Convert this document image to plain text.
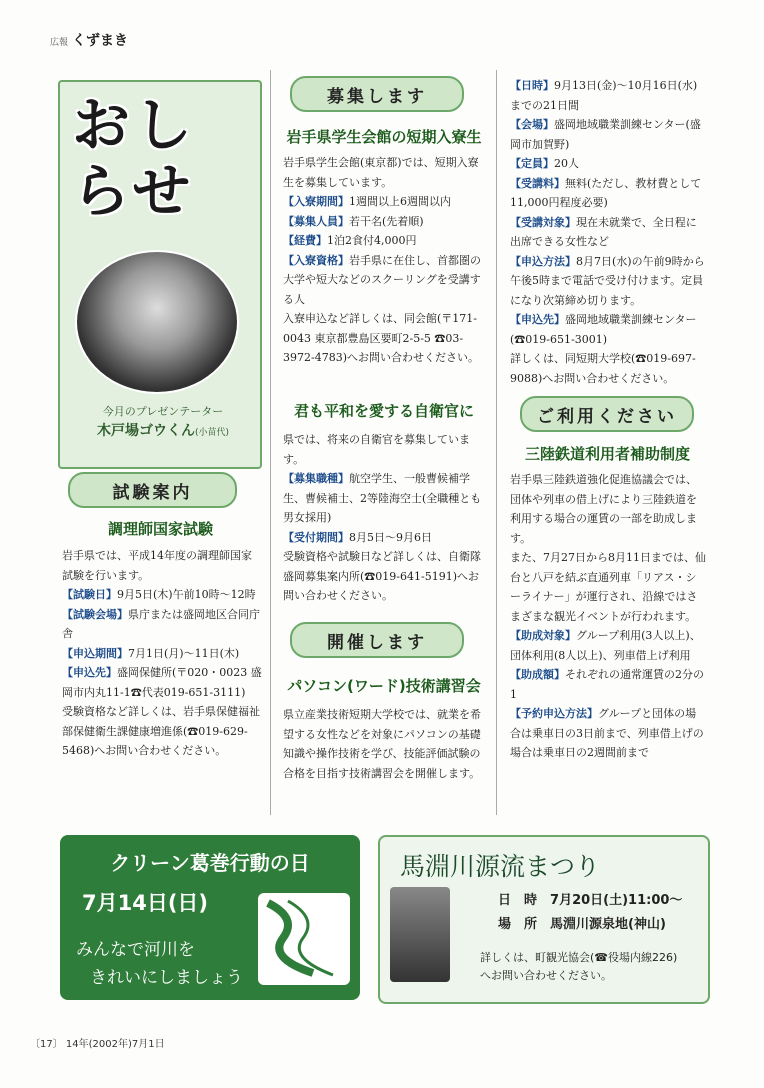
広報 くずまき
おし
らせ
今月のプレゼンテーター
木戸場ゴウくん(小苗代)
試験案内
調理師国家試験

岩手県では、平成14年度の調理師国家試験を行います。

【試験日】9月5日(木)午前10時〜12時

【試験会場】県庁または盛岡地区合同庁舎

【申込期間】7月1日(月)〜11日(木)

【申込先】盛岡保健所(〒020・0023 盛岡市内丸11-1☎代表019-651-3111)

受験資格など詳しくは、岩手県保健福祉部保健衛生課健康増進係(☎019-629-5468)へお問い合わせください。

募集します
岩手県学生会館の短期入寮生

岩手県学生会館(東京都)では、短期入寮生を募集しています。

【入寮期間】1週間以上6週間以内

【募集人員】若干名(先着順)

【経費】1泊2食付4,000円

【入寮資格】岩手県に在住し、首都圏の大学や短大などのスクーリングを受講する人

入寮申込など詳しくは、同会館(〒171-0043 東京都豊島区要町2-5-5 ☎03-3972-4783)へお問い合わせください。

君も平和を愛する自衛官に

県では、将来の自衛官を募集しています。

【募集職種】航空学生、一般曹候補学生、曹候補士、2等陸海空士(全職種とも男女採用)

【受付期間】8月5日〜9月6日

受験資格や試験日など詳しくは、自衛隊盛岡募集案内所(☎019-641-5191)へお問い合わせください。

開催します
パソコン(ワード)技術講習会

県立産業技術短期大学校では、就業を希望する女性などを対象にパソコンの基礎知識や操作技術を学び、技能評価試験の合格を目指す技術講習会を開催します。

【日時】9月13日(金)〜10月16日(水)までの21日間

【会場】盛岡地域職業訓練センター(盛岡市加賀野)

【定員】20人

【受講料】無料(ただし、教材費として11,000円程度必要)

【受講対象】現在未就業で、全日程に出席できる女性など

【申込方法】8月7日(水)の午前9時から午後5時まで電話で受け付けます。定員になり次第締め切ります。

【申込先】盛岡地域職業訓練センター(☎019-651-3001)

詳しくは、同短期大学校(☎019-697-9088)へお問い合わせください。

ご利用ください
三陸鉄道利用者補助制度

岩手県三陸鉄道強化促進協議会では、団体や列車の借上げにより三陸鉄道を利用する場合の運賃の一部を助成します。

また、7月27日から8月11日までは、仙台と八戸を結ぶ直通列車「リアス・シーライナー」が運行され、沿線ではさまざまな観光イベントが行われます。

【助成対象】グループ利用(3人以上)、団体利用(8人以上)、列車借上げ利用

【助成額】それぞれの通常運賃の2分の1

【予約申込方法】グループと団体の場合は乗車日の3日前まで、列車借上げの場合は乗車日の2週間前まで

クリーン葛巻行動の日
7月14日(日)
みんなで河川を
きれいにしましょう
馬淵川源流まつり
日　時　 7月20日(土)11:00〜
場　所　 馬淵川源泉地(神山)
詳しくは、町観光協会(☎役場内線226)
へお問い合わせください。
〔17〕 14年(2002年)7月1日
